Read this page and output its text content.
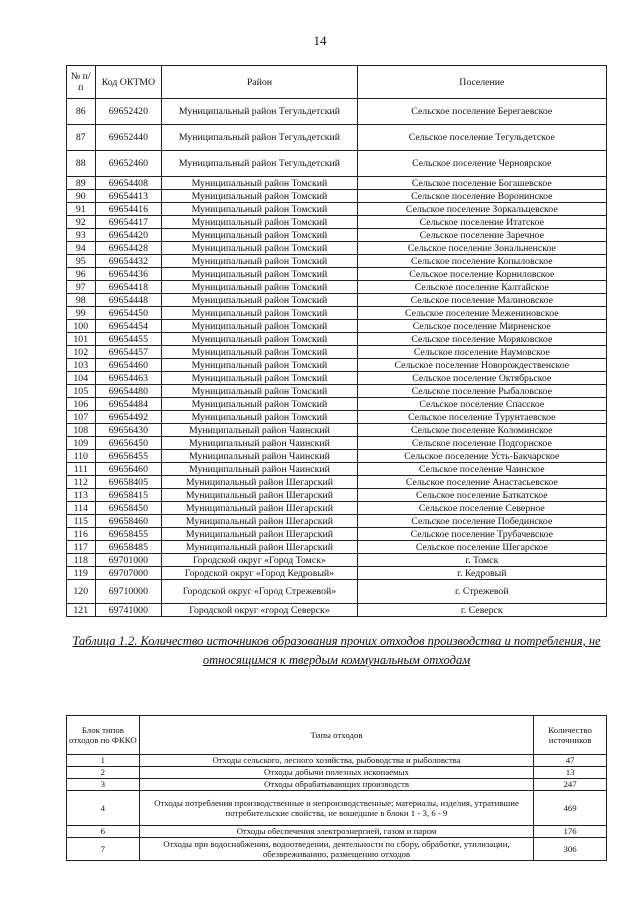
14
№ п/п	Код ОКТМО	Район	Поселение
86	69652420	Муниципальный район Тегульдетский	Сельское поселение Берегаевское
87	69652440	Муниципальный район Тегульдетский	Сельское поселение Тегульдетское
88	69652460	Муниципальный район Тегульдетский	Сельское поселение Черноярское
89	69654408	Муниципальный район Томский	Сельское поселение Богашевское
90	69654413	Муниципальный район Томский	Сельское поселение Воронинское
91	69654416	Муниципальный район Томский	Сельское поселение Зоркальцевское
92	69654417	Муниципальный район Томский	Сельское поселение Итатское
93	69654420	Муниципальный район Томский	Сельское поселение Заречное
94	69654428	Муниципальный район Томский	Сельское поселение Зональненское
95	69654432	Муниципальный район Томский	Сельское поселение Копыловское
96	69654436	Муниципальный район Томский	Сельское поселение Корниловское
97	69654418	Муниципальный район Томский	Сельское поселение Калтайское
98	69654448	Муниципальный район Томский	Сельское поселение Малиновское
99	69654450	Муниципальный район Томский	Сельское поселение Межениновское
100	69654454	Муниципальный район Томский	Сельское поселение Мирненское
101	69654455	Муниципальный район Томский	Сельское поселение Моряковское
102	69654457	Муниципальный район Томский	Сельское поселение Наумовское
103	69654460	Муниципальный район Томский	Сельское поселение Новорождественское
104	69654463	Муниципальный район Томский	Сельское поселение Октябрьское
105	69654480	Муниципальный район Томский	Сельское поселение Рыбаловское
106	69654484	Муниципальный район Томский	Сельское поселение Спасское
107	69654492	Муниципальный район Томский	Сельское поселение Турунтаевское
108	69656430	Муниципальный район Чаинский	Сельское поселение Коломинское
109	69656450	Муниципальный район Чаинский	Сельское поселение Подгорнское
110	69656455	Муниципальный район Чаинский	Сельское поселение Усть-Бакчарское
111	69656460	Муниципальный район Чаинский	Сельское поселение Чаинское
112	69658405	Муниципальный район Шегарский	Сельское поселение Анастасьевское
113	69658415	Муниципальный район Шегарский	Сельское поселение Баткатское
114	69658450	Муниципальный район Шегарский	Сельское поселение Северное
115	69658460	Муниципальный район Шегарский	Сельское поселение Побединское
116	69658455	Муниципальный район Шегарский	Сельское поселение Трубачевское
117	69658485	Муниципальный район Шегарский	Сельское поселение Шегарское
118	69701000	Городской округ «Город Томск»	г. Томск
119	69707000	Городской округ «Город Кедровый»	г. Кедровый
120	69710000	Городской округ «Город Стрежевой»	г. Стрежевой
121	69741000	Городской округ «город Северск»	г. Северск
Таблица 1.2. Количество источников образования прочих отходов производства и потребления, не относящимся к твердым коммунальным отходам
Блок типов отходов по ФККО	Типы отходов	Количество источников
1	Отходы сельского, лесного хозяйства, рыбоводства и рыболовства	47
2	Отходы добычи полезных ископаемых	13
3	Отходы обрабатывающих производств	247
4	Отходы потребления производственные и непроизводственные; материалы, изделия, утратившие потребительские свойства, не вошедшие в блоки 1 - 3, 6 - 9	469
6	Отходы обеспечения электроэнергией, газом и паром	176
7	Отходы при водоснабжении, водоотведении, деятельности по сбору, обработке, утилизации, обезвреживанию, размещению отходов	306
